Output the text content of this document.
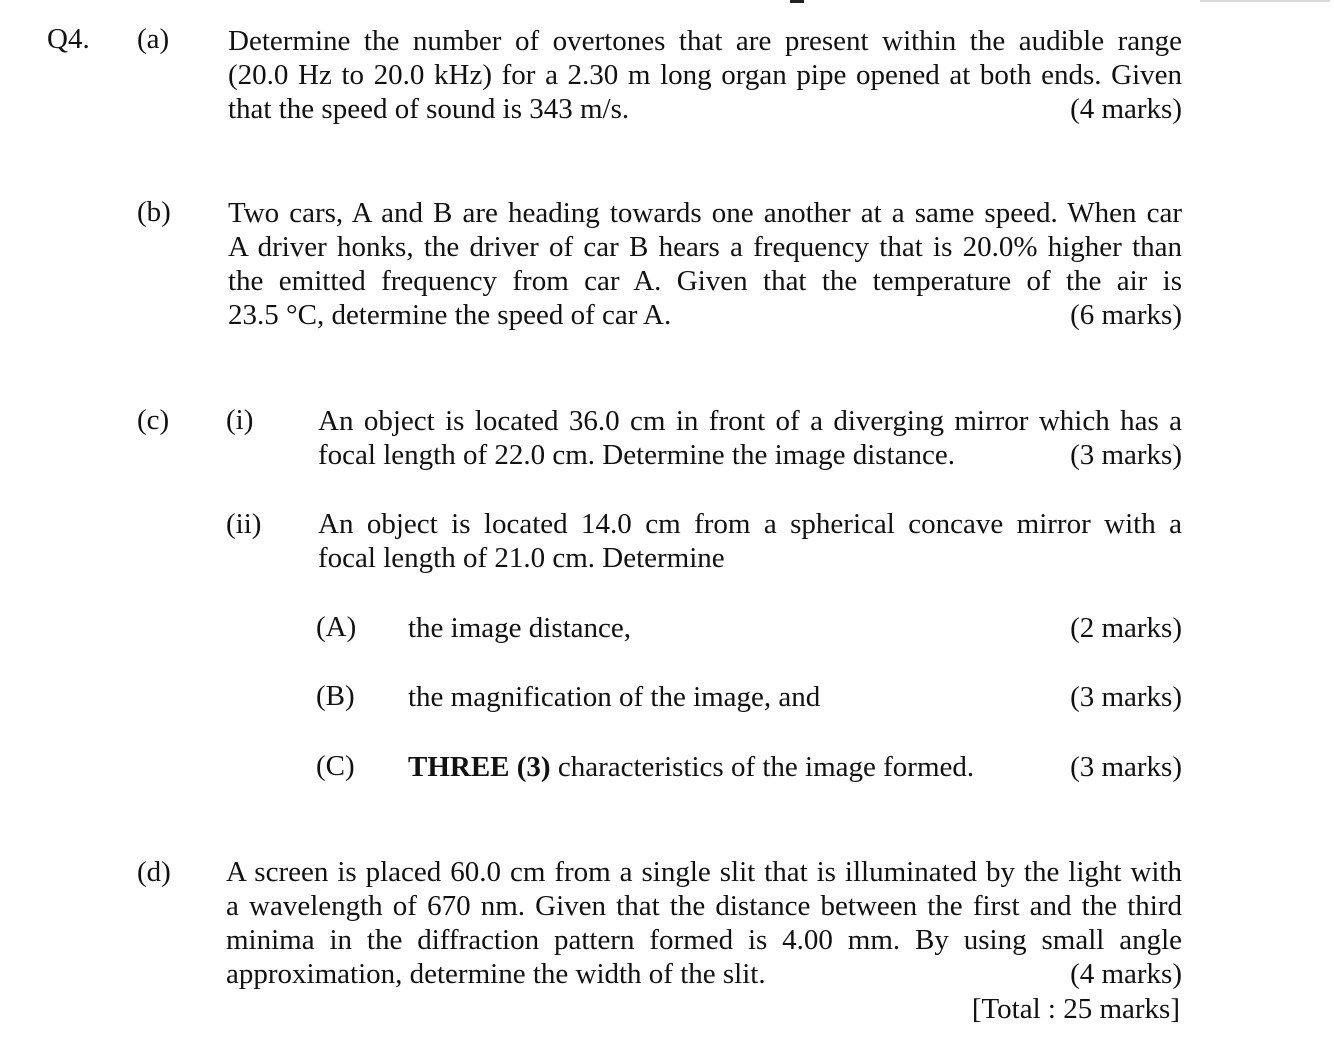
Q4. (a) Determine the number of overtones that are present within the audible range
(20.0 Hz to 20.0 kHz) for a 2.30 m long organ pipe opened at both ends. Given
that the speed of sound is 343 m/s.	(4 marks)
(b) Two cars, A and B are heading towards one another at a same speed. When car
A driver honks, the driver of car B hears a frequency that is 20.0% higher than
the emitted frequency from car A. Given that the temperature of the air is
23.5 °C, determine the speed of car A.	(6 marks)
(c) (i) An object is located 36.0 cm in front of a diverging mirror which has a
focal length of 22.0 cm. Determine the image distance.	(3 marks)
(ii) An object is located 14.0 cm from a spherical concave mirror with a
focal length of 21.0 cm. Determine
(A) the image distance,	(2 marks)
(B) the magnification of the image, and	(3 marks)
(C) THREE (3) characteristics of the image formed.	(3 marks)
(d) A screen is placed 60.0 cm from a single slit that is illuminated by the light with
a wavelength of 670 nm. Given that the distance between the first and the third
minima in the diffraction pattern formed is 4.00 mm. By using small angle
approximation, determine the width of the slit.	(4 marks)
[Total : 25 marks]
